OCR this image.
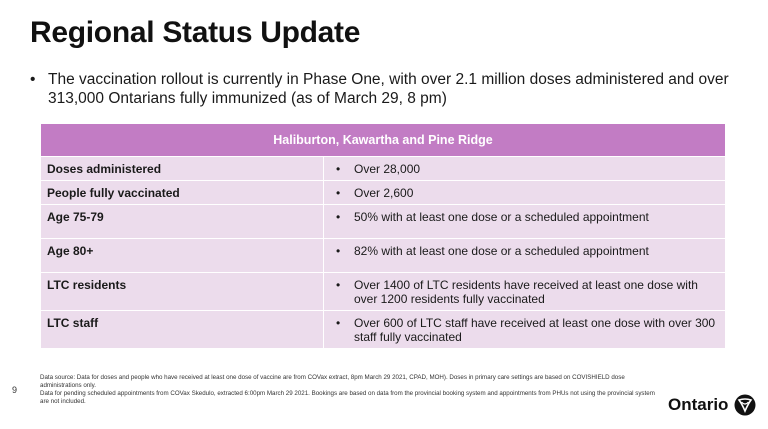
Regional Status Update
• The vaccination rollout is currently in Phase One, with over 2.1 million doses administered and over 313,000 Ontarians fully immunized (as of March 29, 8 pm)
Haliburton, Kawartha and Pine Ridge	
Doses administered	• Over 28,000
People fully vaccinated	• Over 2,600
Age 75-79	• 50% with at least one dose or a scheduled appointment
Age 80+	• 82% with at least one dose or a scheduled appointment
LTC residents	• Over 1400 of LTC residents have received at least one dose with over 1200 residents fully vaccinated
LTC staff	• Over 600 of LTC staff have received at least one dose with over 300 staff fully vaccinated
9
Data source: Data for doses and people who have received at least one dose of vaccine are from COVax extract, 8pm March 29 2021, CPAD, MOH). Doses in primary care settings are based on COVISHIELD dose administrations only.
Data for pending scheduled appointments from COVax Skedulo, extracted 6:00pm March 29 2021. Bookings are based on data from the provincial booking system and appointments from PHUs not using the provincial system are not included.	Ontario
